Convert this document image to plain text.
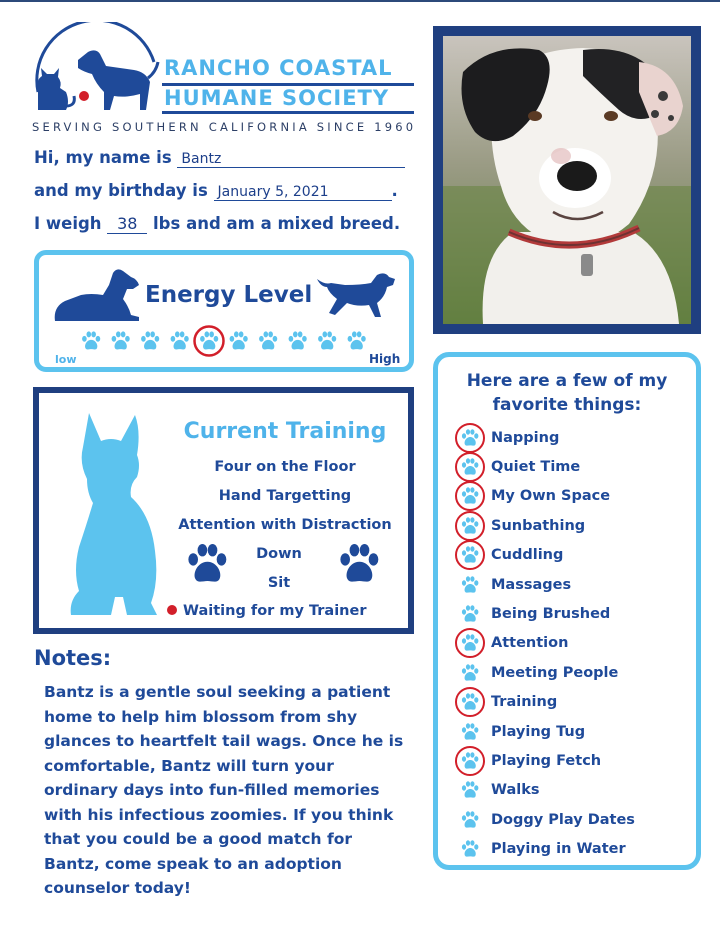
RANCHO COASTAL
HUMANE SOCIETY
SERVING SOUTHERN CALIFORNIA SINCE 1960
Hi, my name is Bantz
and my birthday is January 5, 2021	.
I weigh 38 lbs and am a mixed breed.
Energy Level
low	High
Current Training
Four on the Floor
Hand Targetting
Attention with Distraction
Down
Sit
Waiting for my Trainer
Notes:
Bantz is a gentle soul seeking a patient home to help him blossom from shy glances to heartfelt tail wags. Once he is comfortable, Bantz will turn your ordinary days into fun-filled memories with his infectious zoomies. If you think that you could be a good match for Bantz, come speak to an adoption counselor today!
Here are a few of my favorite things:
Napping
Quiet Time
My Own Space
Sunbathing
Cuddling
Massages
Being Brushed
Attention
Meeting People
Training
Playing Tug
Playing Fetch
Walks
Doggy Play Dates
Playing in Water
